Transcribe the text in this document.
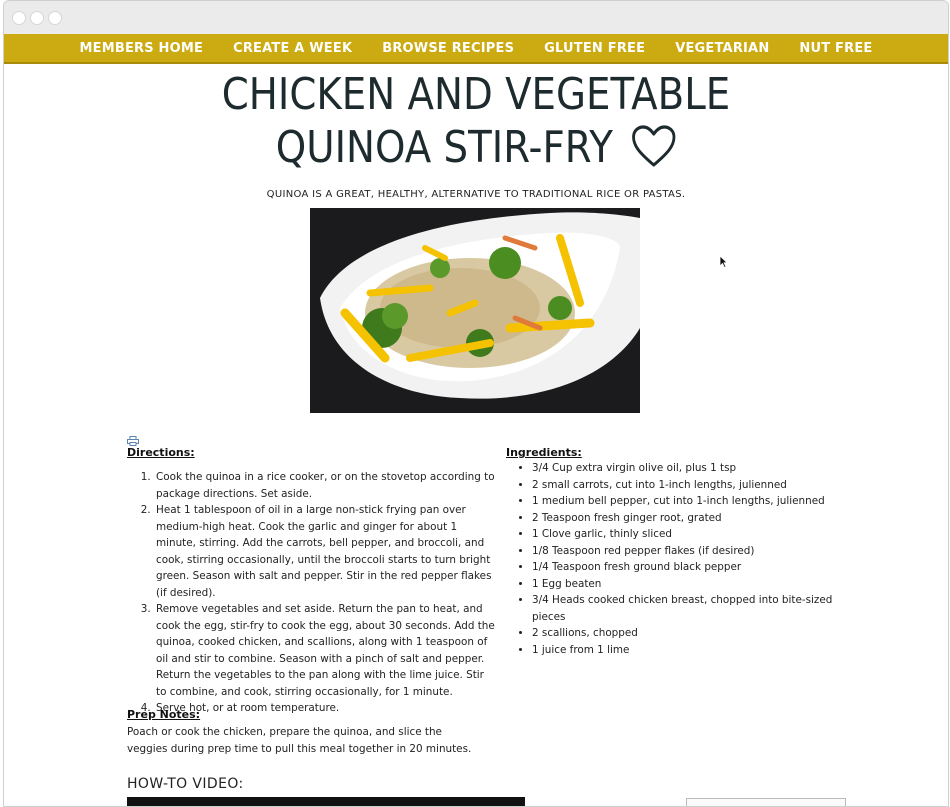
MEMBERS HOME CREATE A WEEK BROWSE RECIPES GLUTEN FREE VEGETARIAN NUT FREE
CHICKEN AND VEGETABLE
QUINOA STIR-FRY
QUINOA IS A GREAT, HEALTHY, ALTERNATIVE TO TRADITIONAL RICE OR PASTAS.
Directions:
1. Cook the quinoa in a rice cooker, or on the stovetop according to package directions. Set aside.
2. Heat 1 tablespoon of oil in a large non-stick frying pan over medium-high heat. Cook the garlic and ginger for about 1 minute, stirring. Add the carrots, bell pepper, and broccoli, and cook, stirring occasionally, until the broccoli starts to turn bright green. Season with salt and pepper. Stir in the red pepper flakes (if desired).
3. Remove vegetables and set aside. Return the pan to heat, and cook the egg, stir-fry to cook the egg, about 30 seconds. Add the quinoa, cooked chicken, and scallions, along with 1 teaspoon of oil and stir to combine. Season with a pinch of salt and pepper. Return the vegetables to the pan along with the lime juice. Stir to combine, and cook, stirring occasionally, for 1 minute.
4. Serve hot, or at room temperature.
Ingredients:
• 3/4 Cup extra virgin olive oil, plus 1 tsp
• 2 small carrots, cut into 1-inch lengths, julienned
• 1 medium bell pepper, cut into 1-inch lengths, julienned
• 2 Teaspoon fresh ginger root, grated
• 1 Clove garlic, thinly sliced
• 1/8 Teaspoon red pepper flakes (if desired)
• 1/4 Teaspoon fresh ground black pepper
• 1 Egg beaten
• 3/4 Heads cooked chicken breast, chopped into bite-sized pieces
• 2 scallions, chopped
• 1 juice from 1 lime
Prep Notes:
Poach or cook the chicken, prepare the quinoa, and slice the veggies during prep time to pull this meal together in 20 minutes.
HOW-TO VIDEO:
